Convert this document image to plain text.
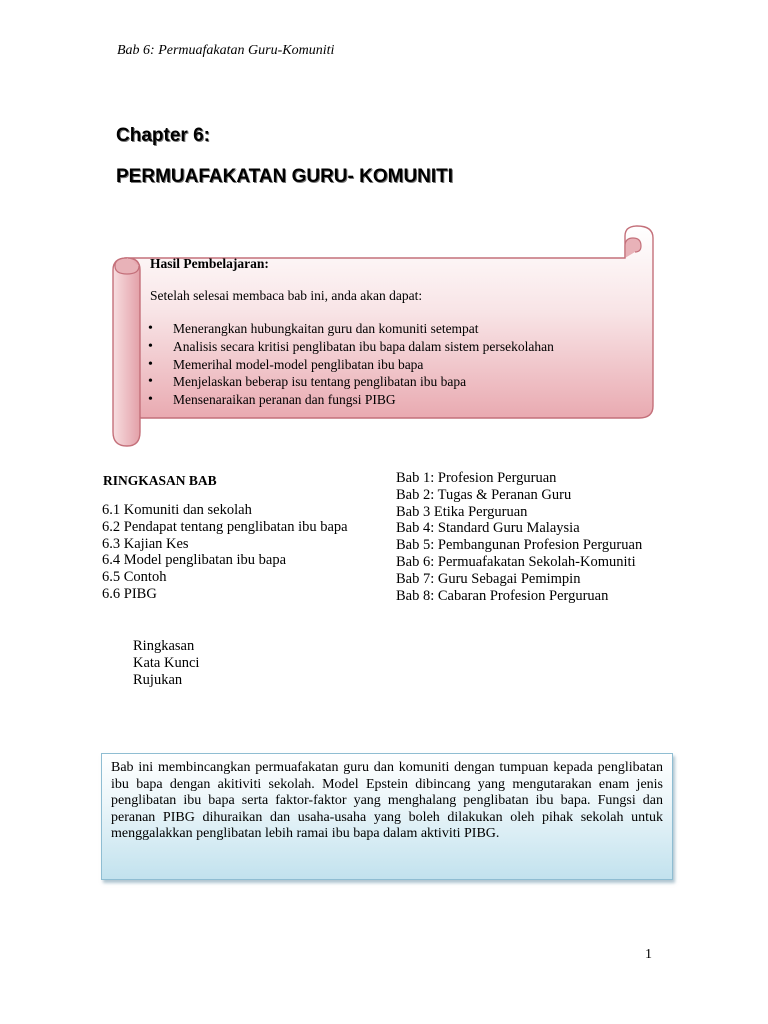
Bab 6: Permuafakatan Guru-Komuniti
Chapter 6:
PERMUAFAKATAN GURU- KOMUNITI
Hasil Pembelajaran:
Setelah selesai membaca bab ini, anda akan dapat:
• Menerangkan hubungkaitan guru dan komuniti setempat
• Analisis secara kritisi penglibatan ibu bapa dalam sistem persekolahan
• Memerihal model-model penglibatan ibu bapa
• Menjelaskan beberap isu tentang penglibatan ibu bapa
• Mensenaraikan peranan dan fungsi PIBG
RINGKASAN BAB
6.1 Komuniti dan sekolah
6.2 Pendapat tentang penglibatan ibu bapa
6.3 Kajian Kes
6.4 Model penglibatan ibu bapa
6.5 Contoh
6.6 PIBG
Ringkasan
Kata Kunci
Rujukan
Bab 1: Profesion Perguruan
Bab 2: Tugas & Peranan Guru
Bab 3 Etika Perguruan
Bab 4: Standard Guru Malaysia
Bab 5: Pembangunan Profesion Perguruan
Bab 6: Permuafakatan Sekolah-Komuniti
Bab 7: Guru Sebagai Pemimpin
Bab 8: Cabaran Profesion Perguruan

Bab ini membincangkan permuafakatan guru dan komuniti dengan tumpuan kepada penglibatan ibu bapa dengan akitiviti sekolah. Model Epstein dibincang yang mengutarakan enam jenis penglibatan ibu bapa serta faktor-faktor yang menghalang penglibatan ibu bapa. Fungsi dan peranan PIBG dihuraikan dan usaha-usaha yang boleh dilakukan oleh pihak sekolah untuk menggalakkan penglibatan lebih ramai ibu bapa dalam aktiviti PIBG.

1
